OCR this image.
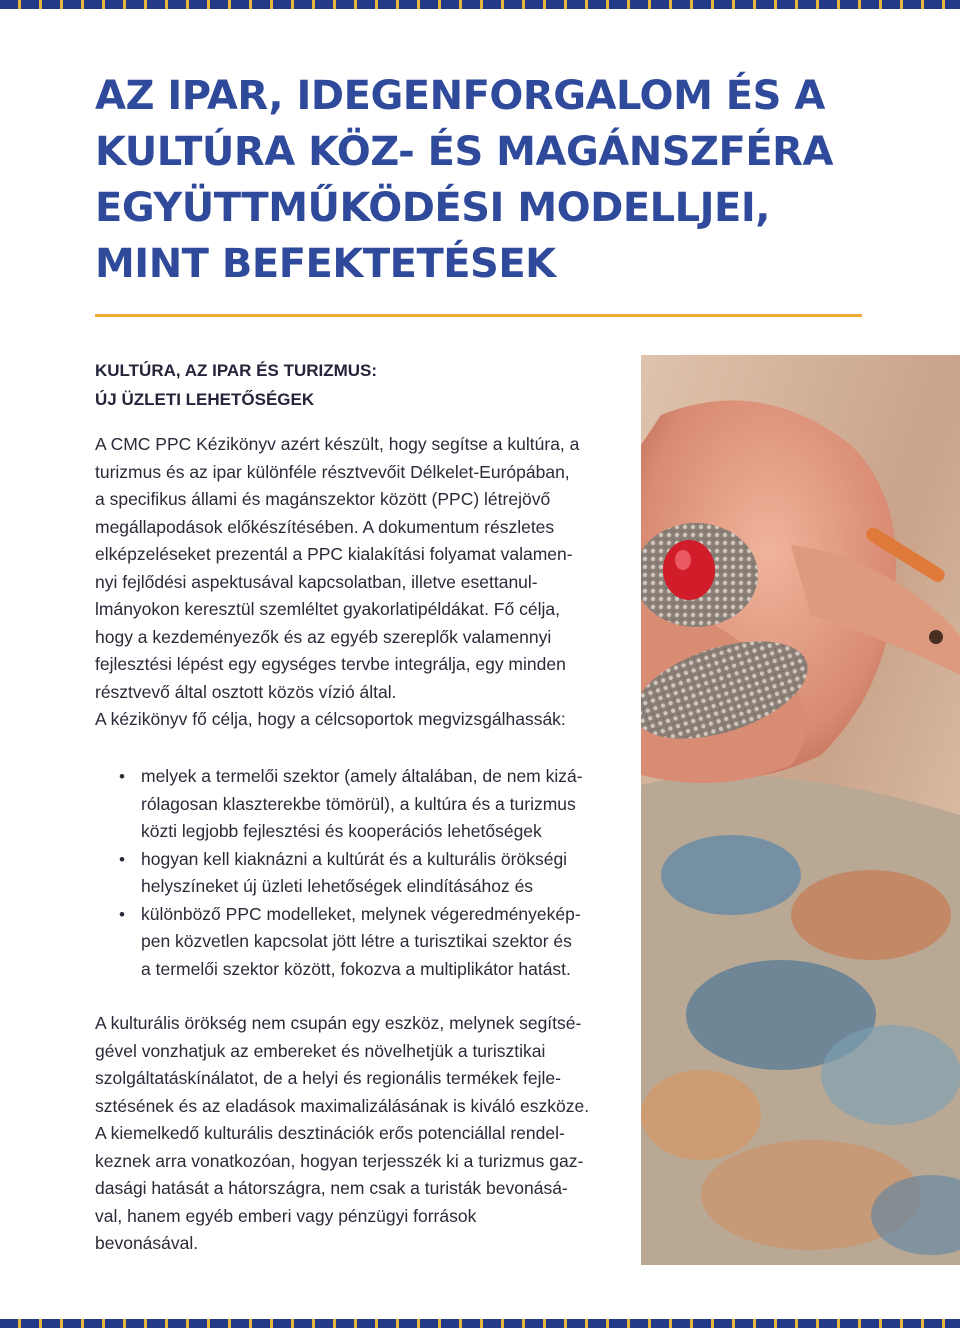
AZ IPAR, IDEGENFORGALOM ÉS A
KULTÚRA KÖZ- ÉS MAGÁNSZFÉRA
EGYÜTTMŰKÖDÉSI MODELLJEI,
MINT BEFEKTETÉSEK
KULTÚRA, AZ IPAR ÉS TURIZMUS:
ÚJ ÜZLETI LEHETŐSÉGEK

A CMC PPC Kézikönyv azért készült, hogy segítse a kultúra, a
turizmus és az ipar különféle résztvevőit Délkelet-Európában,
a specifikus állami és magánszektor között (PPC) létrejövő
megállapodások előkészítésében. A dokumentum részletes
elképzeléseket prezentál a PPC kialakítási folyamat valamen-
nyi fejlődési aspektusával kapcsolatban, illetve esettanul-
lmányokon keresztül szemléltet gyakorlatipéldákat. Fő célja,
hogy a kezdeményezők és az egyéb szereplők valamennyi
fejlesztési lépést egy egységes tervbe integrálja, egy minden
résztvevő által osztott közös vízió által.
A kézikönyv fő célja, hogy a célcsoportok megvizsgálhassák:

• melyek a termelői szektor (amely általában, de nem kizá-
rólagosan klaszterekbe tömörül), a kultúra és a turizmus
közti legjobb fejlesztési és kooperációs lehetőségek
• hogyan kell kiaknázni a kultúrát és a kulturális örökségi
helyszíneket új üzleti lehetőségek elindításához és
• különböző PPC modelleket, melynek végeredményekép-
pen közvetlen kapcsolat jött létre a turisztikai szektor és
a termelői szektor között, fokozva a multiplikátor hatást.

A kulturális örökség nem csupán egy eszköz, melynek segítsé-
gével vonzhatjuk az embereket és növelhetjük a turisztikai
szolgáltatáskínálatot, de a helyi és regionális termékek fejle-
sztésének és az eladások maximalizálásának is kiváló eszköze.
A kiemelkedő kulturális desztinációk erős potenciállal rendel-
keznek arra vonatkozóan, hogyan terjesszék ki a turizmus gaz-
dasági hatását a hátországra, nem csak a turisták bevonásá-
val, hanem egyéb emberi vagy pénzügyi források
bevonásával.
